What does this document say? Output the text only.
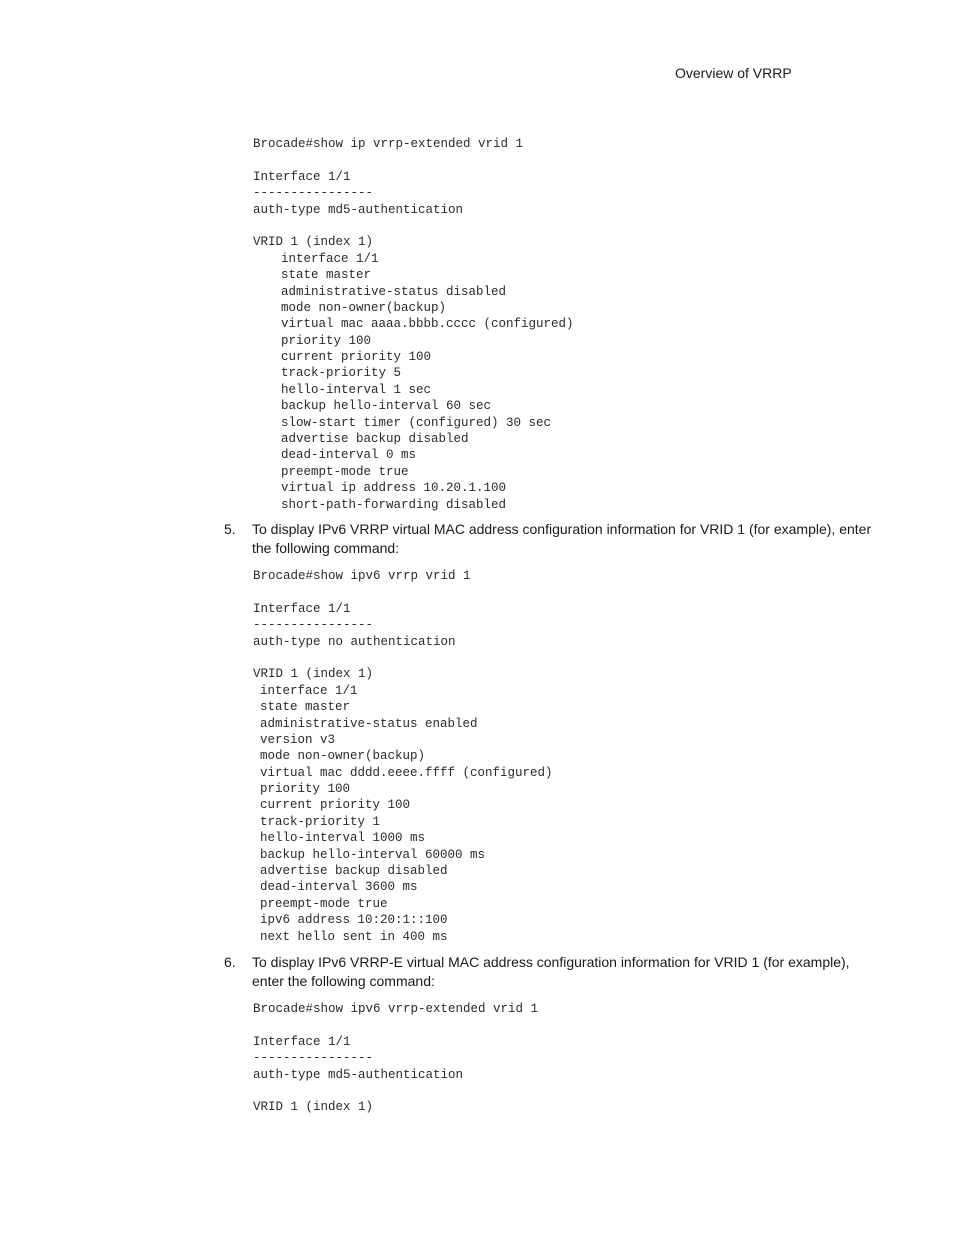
Overview of VRRP
Brocade#show ip vrrp-extended vrid 1
Interface 1/1
----------------
auth-type md5-authentication
VRID 1 (index 1)
interface 1/1
state master
administrative-status disabled
mode non-owner(backup)
virtual mac aaaa.bbbb.cccc (configured)
priority 100
current priority 100
track-priority 5
hello-interval 1 sec
backup hello-interval 60 sec
slow-start timer (configured) 30 sec
advertise backup disabled
dead-interval 0 ms
preempt-mode true
virtual ip address 10.20.1.100
short-path-forwarding disabled
5. To display IPv6 VRRP virtual MAC address configuration information for VRID 1 (for example), enter the following command:
Brocade#show ipv6 vrrp vrid 1
Interface 1/1
----------------
auth-type no authentication
VRID 1 (index 1)
interface 1/1
state master
administrative-status enabled
version v3
mode non-owner(backup)
virtual mac dddd.eeee.ffff (configured)
priority 100
current priority 100
track-priority 1
hello-interval 1000 ms
backup hello-interval 60000 ms
advertise backup disabled
dead-interval 3600 ms
preempt-mode true
ipv6 address 10:20:1::100
next hello sent in 400 ms
6. To display IPv6 VRRP-E virtual MAC address configuration information for VRID 1 (for example), enter the following command:
Brocade#show ipv6 vrrp-extended vrid 1
Interface 1/1
----------------
auth-type md5-authentication
VRID 1 (index 1)
